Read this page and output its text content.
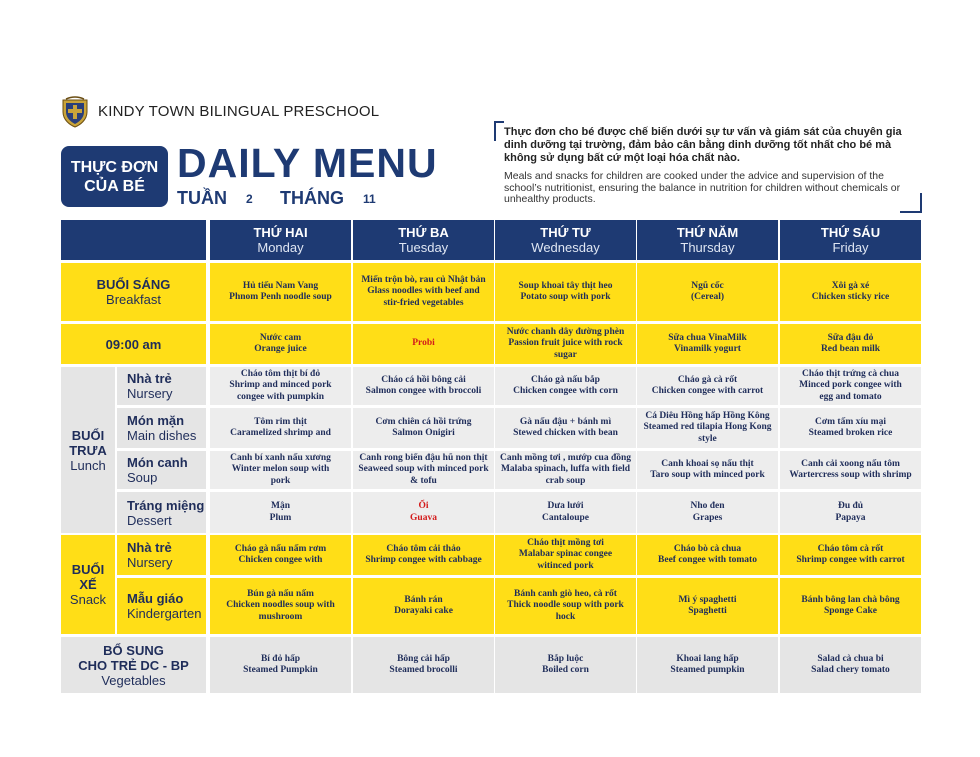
KINDY TOWN BILINGUAL PRESCHOOL
THỰC ĐƠN
CỦA BÉ DAILY MENU
TUẦN 2 THÁNG 11
Thực đơn cho bé được chế biến dưới sự tư vấn và giám sát của chuyên gia dinh dưỡng tại trường, đảm bảo cân bằng dinh dưỡng tốt nhất cho bé mà không sử dụng bất cứ một loại hóa chất nào.
Meals and snacks for children are cooked under the advice and supervision of the school’s nutritionist, ensuring the balance in nutrition for children without chemicals or unhealthy products.
THỨ HAI
Monday
THỨ BA
Tuesday
THỨ TƯ
Wednesday
THỨ NĂM
Thursday
THỨ SÁU
Friday
Hủ tiếu Nam Vang
Phnom Penh noodle soup
Miến trộn bò, rau củ Nhật bản
Glass noodles with beef and
stir-fried vegetables
Soup khoai tây thịt heo
Potato soup with pork
Ngũ cốc
(Cereal)
Xôi gà xé
Chicken sticky rice
Nước cam
Orange juice
Probi
Nước chanh dây đường phèn
Passion fruit juice with rock
sugar
Sữa chua VinaMilk
Vinamilk yogurt
Sữa đậu đỏ
Red bean milk
Cháo tôm thịt bí đỏ
Shrimp and minced pork
congee with pumpkin
Cháo cá hồi bông cải
Salmon congee with broccoli
Cháo gà nấu bắp
Chicken congee with corn
Cháo gà cà rốt
Chicken congee with carrot
Cháo thịt trứng cà chua
Minced pork congee with
egg and tomato
Tôm rim thịt
Caramelized shrimp and
Cơm chiên cá hồi trứng
Salmon Onigiri
Gà nấu đậu + bánh mì
Stewed chicken with bean
Cá Diêu Hồng hấp Hồng Kông
Steamed red tilapia Hong Kong
style
Cơm tấm xíu mại
Steamed broken rice
Canh bí xanh nấu xương
Winter melon soup with
pork
Canh rong biển đậu hũ non thịt
Seaweed soup with minced pork
& tofu
Canh mồng tơi , mướp cua đồng
Malaba spinach, luffa with field
crab soup
Canh khoai sọ nấu thịt
Taro soup with minced pork
Canh cải xoong nấu tôm
Wartercress soup with shrimp
Mận
Plum
Ổi
Guava
Dưa lưới
Cantaloupe
Nho đen
Grapes
Đu đủ
Papaya
Cháo gà nấu nấm rơm
Chicken congee with
Cháo tôm cải thảo
Shrimp congee with cabbage
Cháo thịt mồng tơi
Malabar spinac congee
witinced pork
Cháo bò cà chua
Beef congee with tomato
Cháo tôm cà rốt
Shrimp congee with carrot
Bún gà nấu nấm
Chicken noodles soup with
mushroom
Bánh rán
Dorayaki cake
Bánh canh giò heo, cà rốt
Thick noodle soup with pork
hock
Mì ý spaghetti
Spaghetti
Bánh bông lan chà bông
Sponge Cake
Bí đỏ hấp
Steamed Pumpkin
Bông cải hấp
Steamed brocolli
Bắp luộc
Boiled corn
Khoai lang hấp
Steamed pumpkin
Salad cà chua bi
Salad chery tomato
BUỔI SÁNG
Breakfast
09:00 am
BUỔI
TRƯA
Lunch
Nhà trẻ
Nursery
Món mặn
Main dishes
Món canh
Soup
Tráng miệng
Dessert
BUỔI
XẾ
Snack
Nhà trẻ
Nursery
Mẫu giáo
Kindergarten
BỔ SUNG
CHO TRẺ DC - BP
Vegetables
